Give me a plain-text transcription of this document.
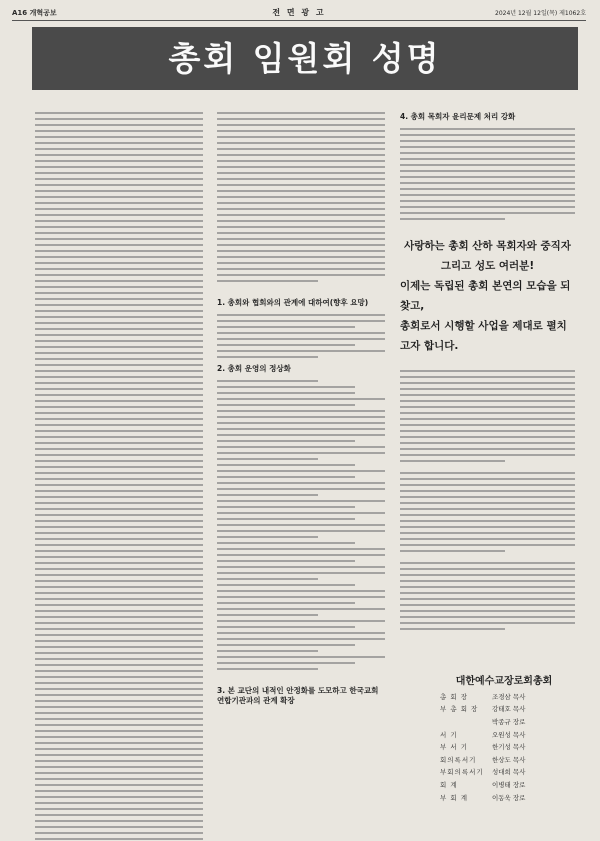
A16 개혁공보	전 면 광 고	2024년 12월 12일(목) 제1062호
총회 임원회 성명
1. 총회와 협회와의 관계에 대하여(향후 요망)
2. 총회 운영의 정상화
3. 본 교단의 내적인 안정화를 도모하고 한국교회연합기관과의 관계 확장
4. 총회 목회자 윤리문제 처리 강화
사랑하는 총회 산하 목회자와 중직자
그리고 성도 여러분!
이제는 독립된 총회 본연의 모습을 되찾고,
총회로서 시행할 사업을 제대로 펼치고자 합니다.
대한예수교장로회총회
총 회 장	조경삼 목사
부 총 회 장	강태호 목사
박종규 장로
서 기	오원성 목사
부 서 기	한기성 목사
회의록서기	한상도 목사
부회의록서기	성대희 목사
회 계	이병태 장로
부 회 계	이동욱 장로
